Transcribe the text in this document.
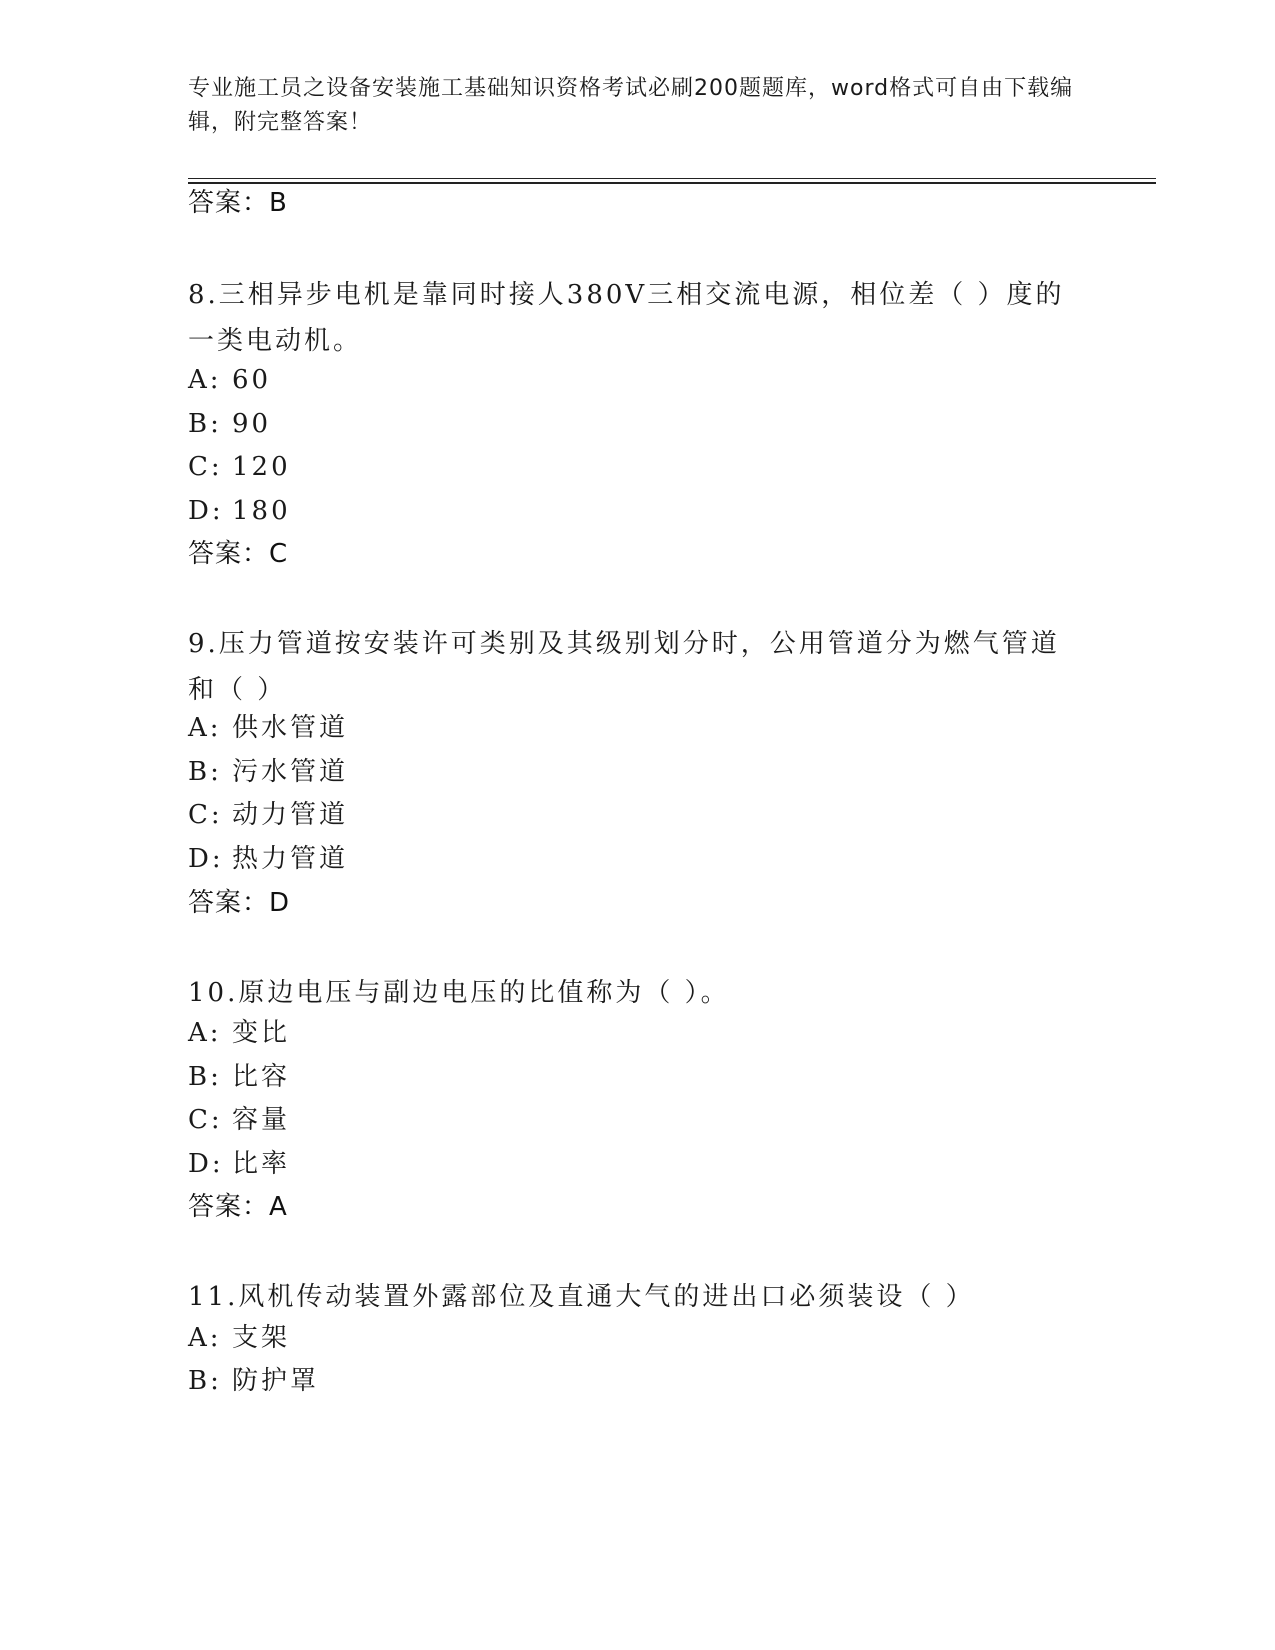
专业施工员之设备安装施工基础知识资格考试必刷200题题库，word格式可自由下载编辑，附完整答案！
答案：B
8.三相异步电机是靠同时接人380V三相交流电源，相位差（ ）度的一类电动机。
A: 60
B: 90
C: 120
D: 180
答案：C
9.压力管道按安装许可类别及其级别划分时，公用管道分为燃气管道和（ ）
A: 供水管道
B: 污水管道
C: 动力管道
D: 热力管道
答案：D
10.原边电压与副边电压的比值称为（ ）。
A: 变比
B: 比容
C: 容量
D: 比率
答案：A
11.风机传动装置外露部位及直通大气的进出口必须装设（ ）
A: 支架
B: 防护罩
